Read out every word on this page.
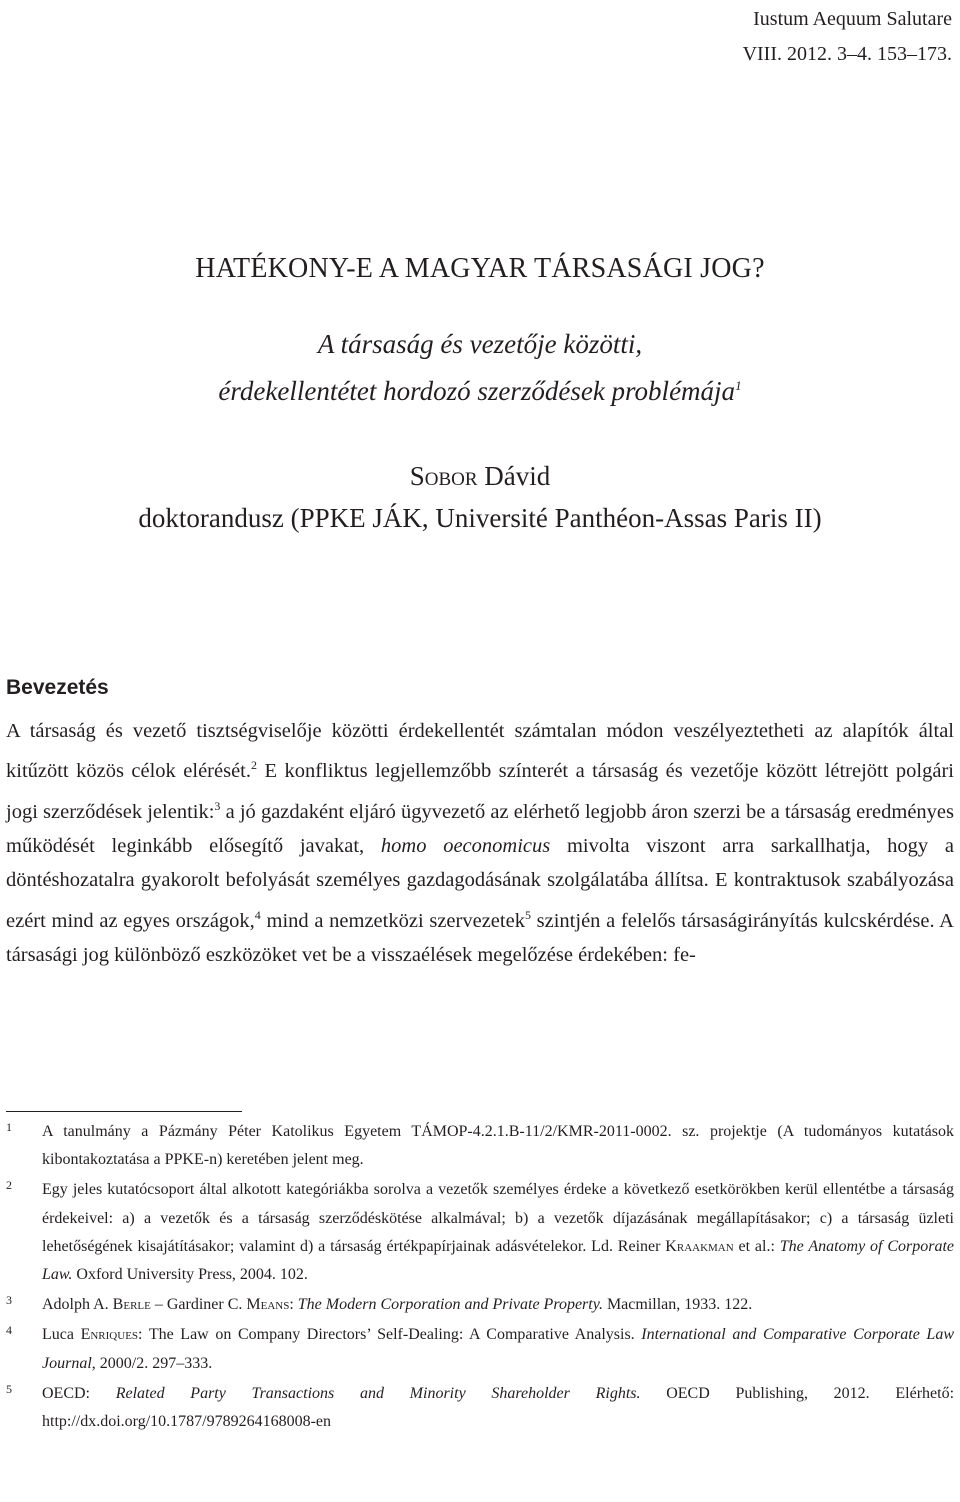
Iustum Aequum Salutare
VIII. 2012. 3–4. 153–173.
HATÉKONY-E A MAGYAR TÁRSASÁGI JOG?
A társaság és vezetője közötti,
érdekellentétet hordozó szerződések problémája$^1$
Sobor Dávid
doktorandusz (PPKE JÁK, Université Panthéon-Assas Paris II)
Bevezetés
A társaság és vezető tisztségviselője közötti érdekellentét számtalan módon veszélyeztetheti az alapítók által kitűzött közös célok elérését.$^2$ E konfliktus legjellemzőbb színterét a társaság és vezetője között létrejött polgári jogi szerződések jelentik:$^3$ a jó gazdaként eljáró ügyvezető az elérhető legjobb áron szerzi be a társaság eredményes működését leginkább elősegítő javakat, homo oeconomicus mivolta viszont arra sarkallhatja, hogy a döntéshozatalra gyakorolt befolyását személyes gazdagodásának szolgálatába állítsa. E kontraktusok szabályozása ezért mind az egyes országok,$^4$ mind a nemzetközi szervezetek$^5$ szintjén a felelős társaságirányítás kulcskérdése. A társasági jog különböző eszközöket vet be a visszaélések megelőzése érdekében: fe-
1 A tanulmány a Pázmány Péter Katolikus Egyetem TÁMOP-4.2.1.B-11/2/KMR-2011-0002. sz. projektje (A tudományos kutatások kibontakoztatása a PPKE-n) keretében jelent meg.
2 Egy jeles kutatócsoport által alkotott kategóriákba sorolva a vezetők személyes érdeke a következő esetkörökben kerül ellentétbe a társaság érdekeivel: a) a vezetők és a társaság szerződéskötése alkalmával; b) a vezetők díjazásának megállapításakor; c) a társaság üzleti lehetőségének kisajátításakor; valamint d) a társaság értékpapírjainak adásvételekor. Ld. Reiner Kraakman et al.: The Anatomy of Corporate Law. Oxford University Press, 2004. 102.
3 Adolph A. Berle – Gardiner C. Means: The Modern Corporation and Private Property. Macmillan, 1933. 122.
4 Luca Enriques: The Law on Company Directors’ Self-Dealing: A Comparative Analysis. International and Comparative Corporate Law Journal, 2000/2. 297–333.
5 OECD: Related Party Transactions and Minority Shareholder Rights. OECD Publishing, 2012. Elérhető: http://dx.doi.org/10.1787/9789264168008-en
